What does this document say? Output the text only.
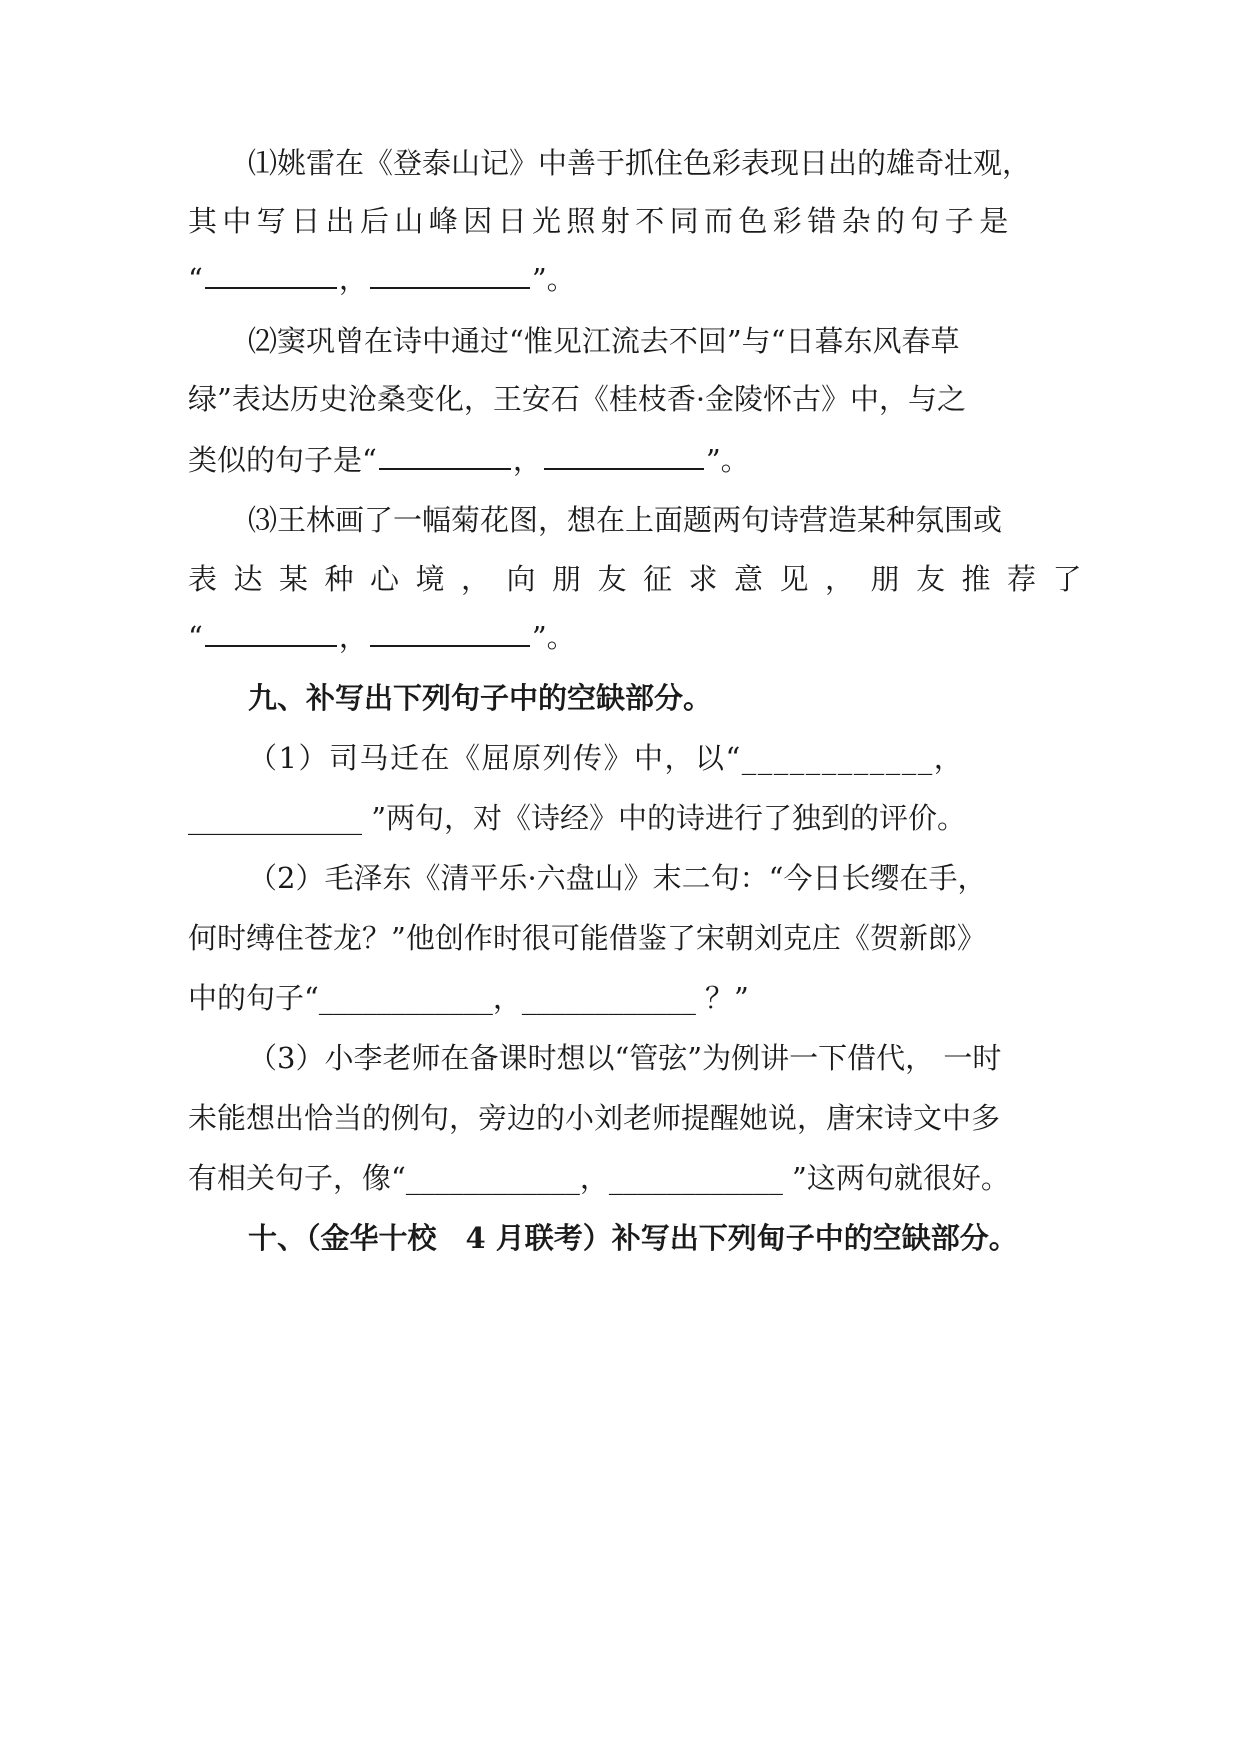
⑴姚雷在《登泰山记》中善于抓住色彩表现日出的雄奇壮观，
其中写日出后山峰因日光照射不同而色彩错杂的句子是
“	，	”。
⑵窦巩曾在诗中通过“惟见江流去不回”与“日暮东风春草
绿”表达历史沧桑变化，王安石《桂枝香·金陵怀古》中，与之
类似的句子是“	，	”。
⑶王林画了一幅菊花图，想在上面题两句诗营造某种氛围或
表达某种心境，向朋友征求意见，朋友推荐了
“	，	”。
九、补写出下列句子中的空缺部分。
（1）司马迁在《屈原列传》中，以“____________，
____________ ”两句，对《诗经》中的诗进行了独到的评价。
（2）毛泽东《清平乐·六盘山》末二句：“今日长缨在手，
何时缚住苍龙？”他创作时很可能借鉴了宋朝刘克庄《贺新郎》
中的句子“____________，____________ ？”
（3）小李老师在备课时想以“管弦”为例讲一下借代， 一时
未能想出恰当的例句，旁边的小刘老师提醒她说，唐宋诗文中多
有相关句子，像“____________，____________ ”这两句就很好。
十、（金华十校　4 月联考）补写出下列甸子中的空缺部分。
